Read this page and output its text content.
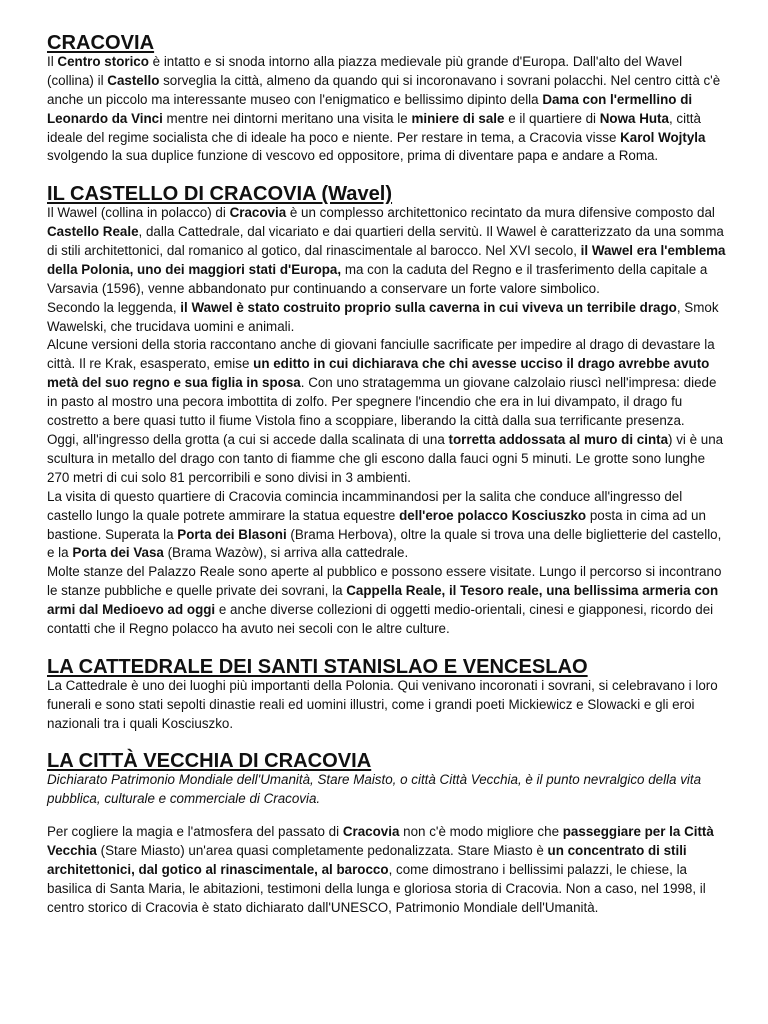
CRACOVIA

Il Centro storico è intatto e si snoda intorno alla piazza medievale più grande d'Europa. Dall'alto del Wavel (collina) il Castello sorveglia la città, almeno da quando qui si incoronavano i sovrani polacchi. Nel centro città c'è anche un piccolo ma interessante museo con l'enigmatico e bellissimo dipinto della Dama con l'ermellino di Leonardo da Vinci mentre nei dintorni meritano una visita le miniere di sale e il quartiere di Nowa Huta, città ideale del regime socialista che di ideale ha poco e niente. Per restare in tema, a Cracovia visse Karol Wojtyla svolgendo la sua duplice funzione di vescovo ed oppositore, prima di diventare papa e andare a Roma.

IL CASTELLO DI CRACOVIA (Wavel)

Il Wawel (collina in polacco) di Cracovia è un complesso architettonico recintato da mura difensive composto dal Castello Reale, dalla Cattedrale, dal vicariato e dai quartieri della servitù. Il Wawel è caratterizzato da una somma di stili architettonici, dal romanico al gotico, dal rinascimentale al barocco. Nel XVI secolo, il Wawel era l'emblema della Polonia, uno dei maggiori stati d'Europa, ma con la caduta del Regno e il trasferimento della capitale a Varsavia (1596), venne abbandonato pur continuando a conservare un forte valore simbolico.

Secondo la leggenda, il Wawel è stato costruito proprio sulla caverna in cui viveva un terribile drago, Smok Wawelski, che trucidava uomini e animali.

Alcune versioni della storia raccontano anche di giovani fanciulle sacrificate per impedire al drago di devastare la città. Il re Krak, esasperato, emise un editto in cui dichiarava che chi avesse ucciso il drago avrebbe avuto metà del suo regno e sua figlia in sposa. Con uno stratagemma un giovane calzolaio riuscì nell'impresa: diede in pasto al mostro una pecora imbottita di zolfo. Per spegnere l'incendio che era in lui divampato, il drago fu costretto a bere quasi tutto il fiume Vistola fino a scoppiare, liberando la città dalla sua terrificante presenza.

Oggi, all'ingresso della grotta (a cui si accede dalla scalinata di una torretta addossata al muro di cinta) vi è una scultura in metallo del drago con tanto di fiamme che gli escono dalla fauci ogni 5 minuti. Le grotte sono lunghe 270 metri di cui solo 81 percorribili e sono divisi in 3 ambienti.

La visita di questo quartiere di Cracovia comincia incamminandosi per la salita che conduce all'ingresso del castello lungo la quale potrete ammirare la statua equestre dell'eroe polacco Kosciuszko posta in cima ad un bastione. Superata la Porta dei Blasoni (Brama Herbova), oltre la quale si trova una delle biglietterie del castello, e la Porta dei Vasa (Brama Wazòw), si arriva alla cattedrale.

Molte stanze del Palazzo Reale sono aperte al pubblico e possono essere visitate. Lungo il percorso si incontrano le stanze pubbliche e quelle private dei sovrani, la Cappella Reale, il Tesoro reale, una bellissima armeria con armi dal Medioevo ad oggi e anche diverse collezioni di oggetti medio-orientali, cinesi e giapponesi, ricordo dei contatti che il Regno polacco ha avuto nei secoli con le altre culture.

LA CATTEDRALE DEI SANTI STANISLAO E VENCESLAO

La Cattedrale è uno dei luoghi più importanti della Polonia. Qui venivano incoronati i sovrani, si celebravano i loro funerali e sono stati sepolti dinastie reali ed uomini illustri, come i grandi poeti Mickiewicz e Slowacki e gli eroi nazionali tra i quali Kosciuszko.

LA CITTÀ VECCHIA DI CRACOVIA

Dichiarato Patrimonio Mondiale dell'Umanità, Stare Maisto, o città Città Vecchia, è il punto nevralgico della vita pubblica, culturale e commerciale di Cracovia.

Per cogliere la magia e l'atmosfera del passato di Cracovia non c'è modo migliore che passeggiare per la Città Vecchia (Stare Miasto) un'area quasi completamente pedonalizzata. Stare Miasto è un concentrato di stili architettonici, dal gotico al rinascimentale, al barocco, come dimostrano i bellissimi palazzi, le chiese, la basilica di Santa Maria, le abitazioni, testimoni della lunga e gloriosa storia di Cracovia. Non a caso, nel 1998, il centro storico di Cracovia è stato dichiarato dall'UNESCO, Patrimonio Mondiale dell'Umanità.
